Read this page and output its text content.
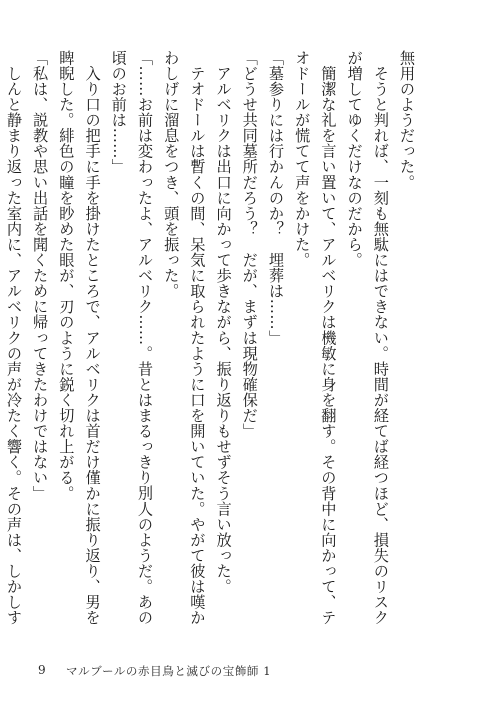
無用のようだった。

　そうと判れば、一刻も無駄にはできない。時間が経てば経つほど、損失のリスクが増してゆくだけなのだから。

　簡潔な礼を言い置いて、アルベリクは機敏に身を翻す。その背中に向かって、テオドールが慌てて声をかけた。

「墓参りには行かんのか？　埋葬は……」

「どうせ共同墓所だろう？　だが、まずは現物確保だ」

　アルベリクは出口に向かって歩きながら、振り返りもせずそう言い放った。

　テオドールは暫くの間、呆気に取られたように口を開いていた。やがて彼は嘆かわしげに溜息をつき、頭を振った。

「……お前は変わったよ、アルベリク……。昔とはまるっきり別人のようだ。あの頃のお前は……」

　入り口の把手に手を掛けたところで、アルベリクは首だけ僅かに振り返り、男を睥睨した。緋色の瞳を眇めた眼が、刃のように鋭く切れ上がる。

「私は、説教や思い出話を聞くために帰ってきたわけではない」

　しんと静まり返った室内に、アルベリクの声が冷たく響く。その声は、しかしす

9 マルブールの赤目鳥と滅びの宝飾師 1
